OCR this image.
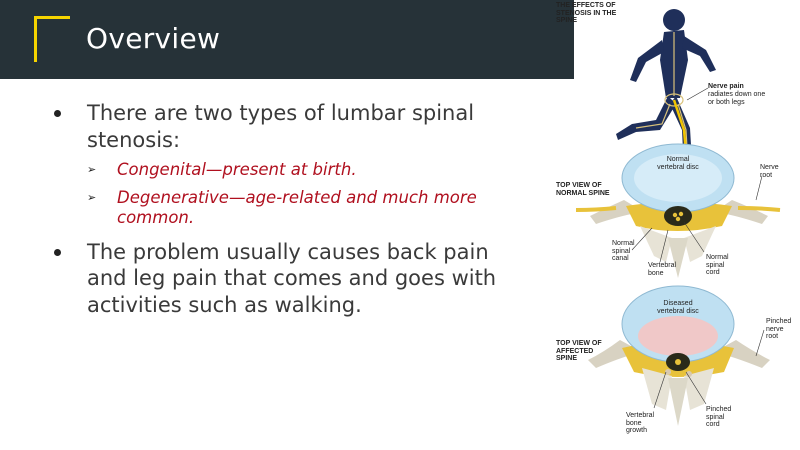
Overview
There are two types of lumbar spinal stenosis:
➢ Congenital—present at birth.
➢ Degenerative—age-related and much more common.
The problem usually causes back pain and leg pain that comes and goes with activities such as walking.
THE EFFECTS OF STENOSIS IN THE SPINE
Nerve pain
radiates down one or both legs
TOP VIEW OF NORMAL SPINE
Normal vertebral disc	Nerve root
Normal spinal canal
Vertebral bone
Normal spinal cord
TOP VIEW OF AFFECTED SPINE
Diseased vertebral disc
Pinched nerve root
Vertebral bone growth
Pinched spinal cord
